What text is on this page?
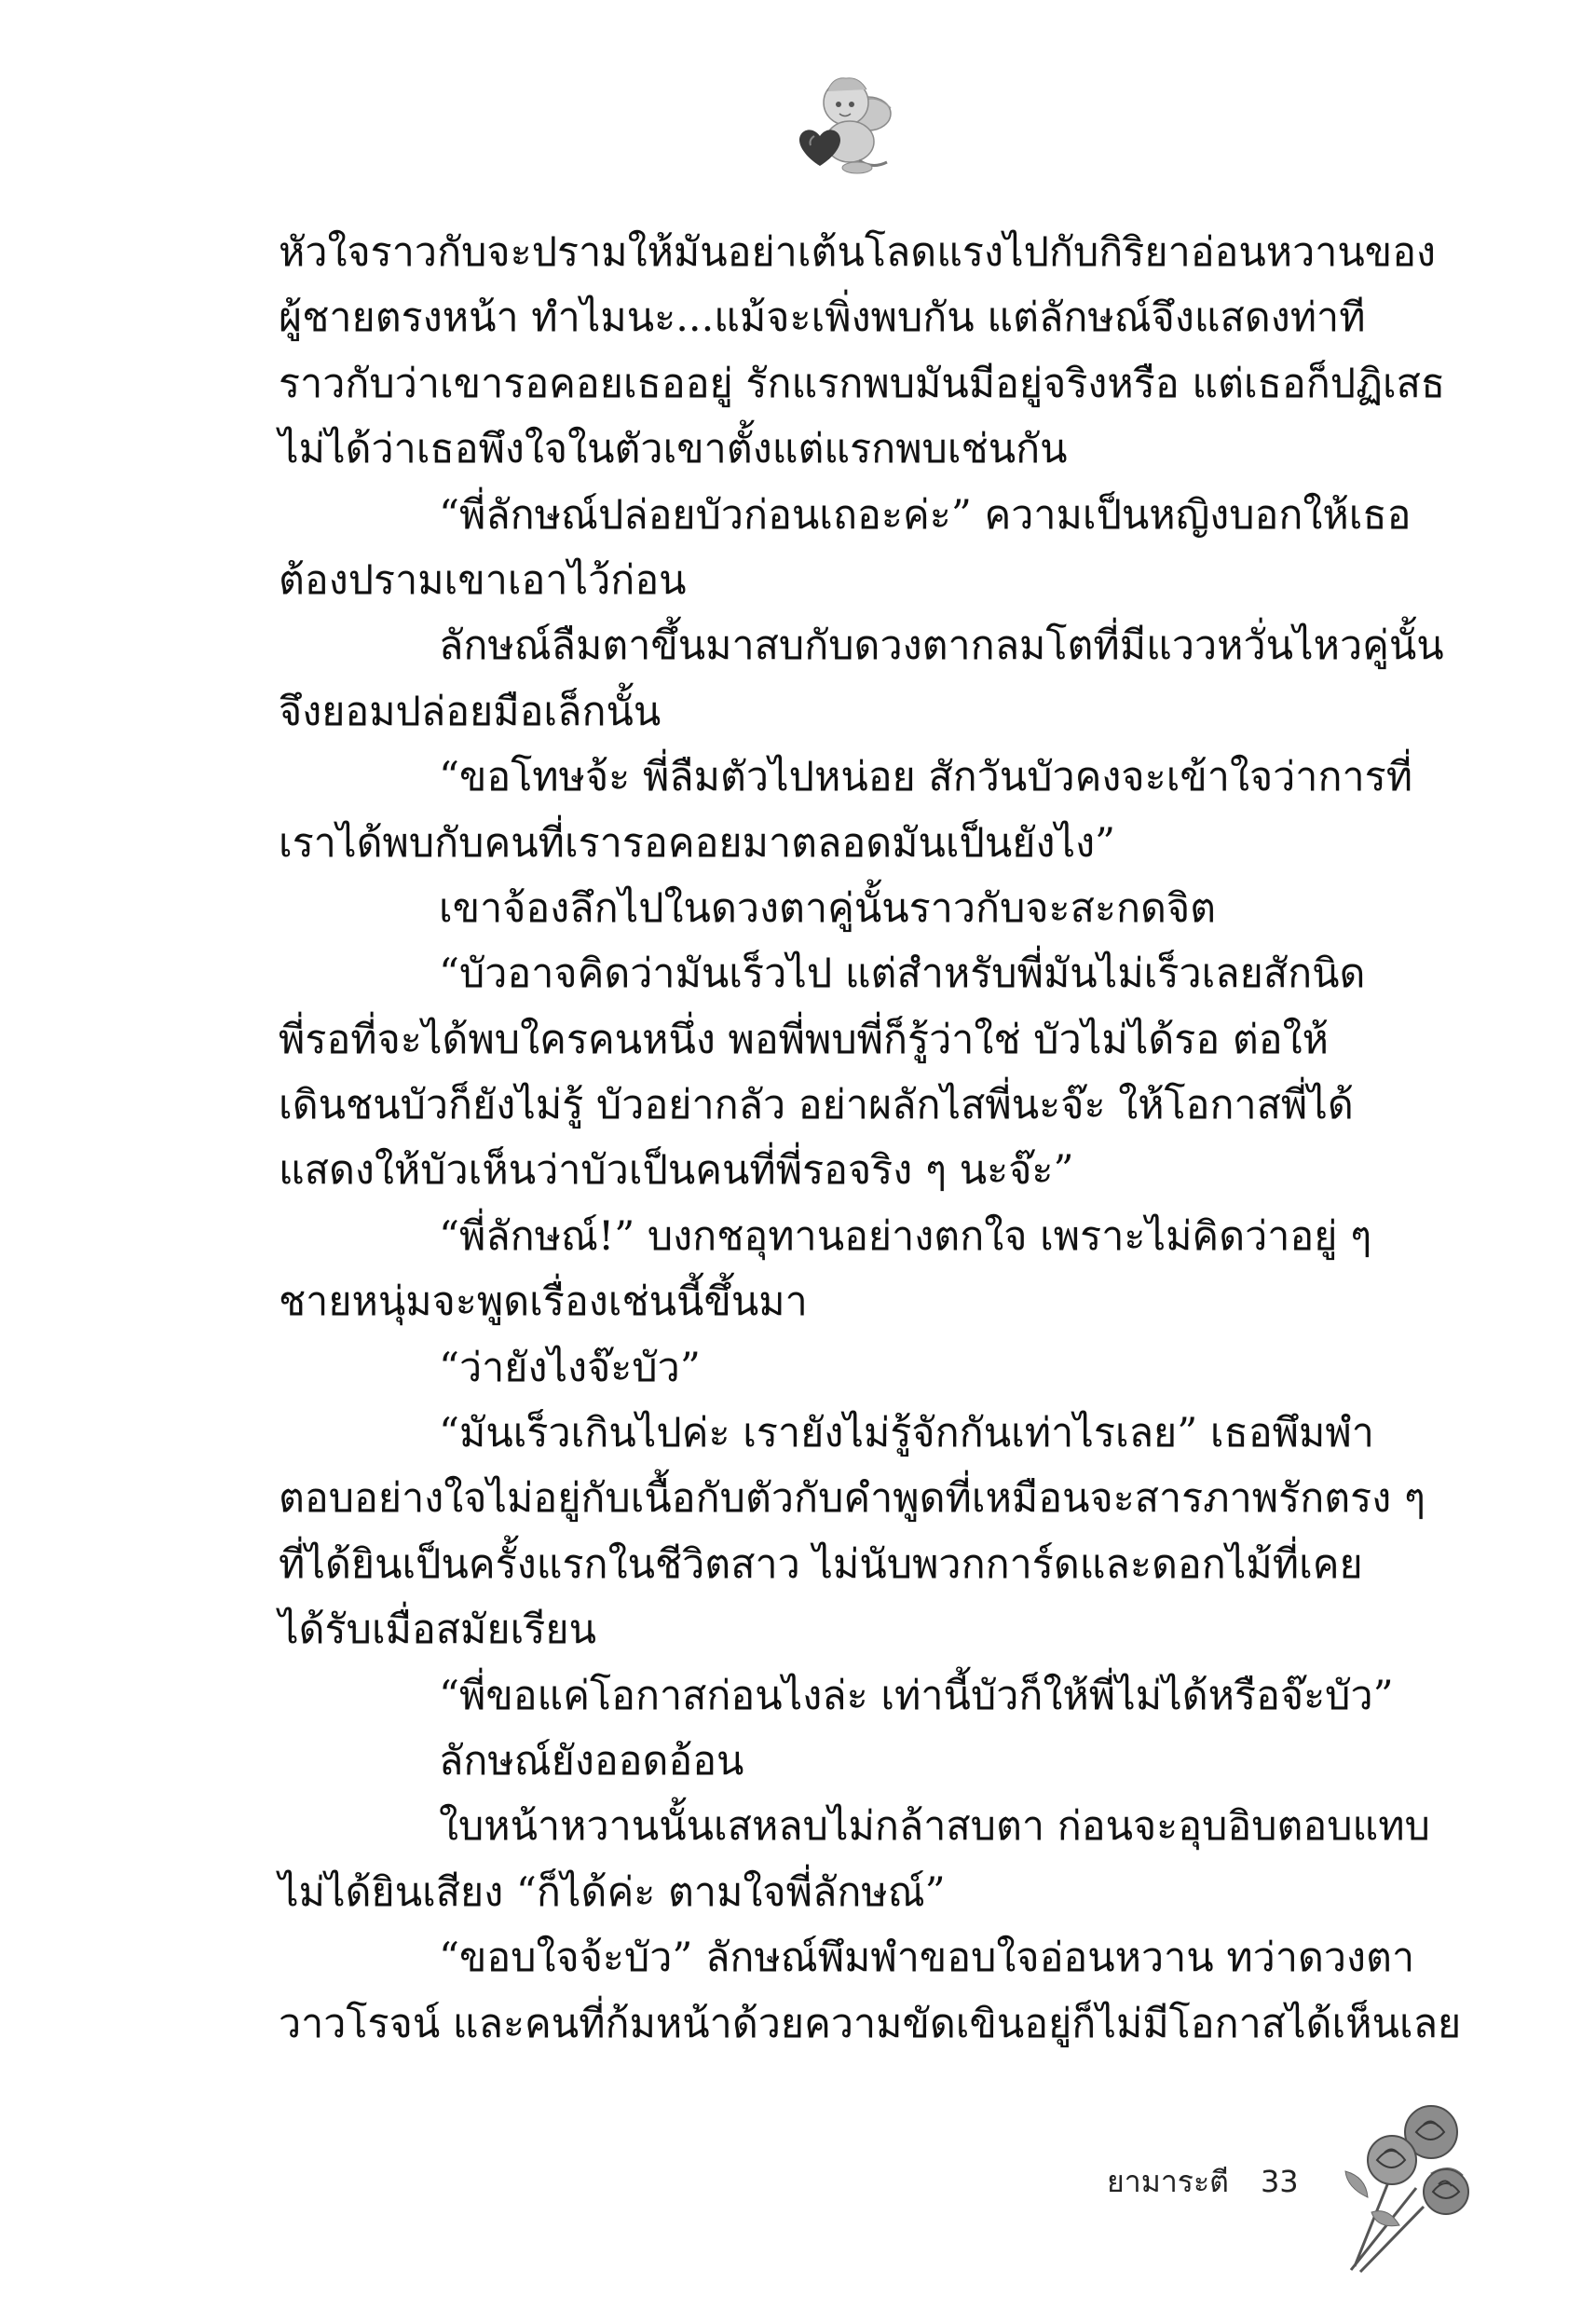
หัวใจราวกับจะปรามให้มันอย่าเต้นโลดแรงไปกับกิริยาอ่อนหวานของ
ผู้ชายตรงหน้า ทำไมนะ...แม้จะเพิ่งพบกัน แต่ลักษณ์จึงแสดงท่าที
ราวกับว่าเขารอคอยเธออยู่ รักแรกพบมันมีอยู่จริงหรือ แต่เธอก็ปฏิเสธ
ไม่ได้ว่าเธอพึงใจในตัวเขาตั้งแต่แรกพบเช่นกัน
“พี่ลักษณ์ปล่อยบัวก่อนเถอะค่ะ” ความเป็นหญิงบอกให้เธอ
ต้องปรามเขาเอาไว้ก่อน
ลักษณ์ลืมตาขึ้นมาสบกับดวงตากลมโตที่มีแววหวั่นไหวคู่นั้น
จึงยอมปล่อยมือเล็กนั้น
“ขอโทษจ้ะ พี่ลืมตัวไปหน่อย สักวันบัวคงจะเข้าใจว่าการที่
เราได้พบกับคนที่เรารอคอยมาตลอดมันเป็นยังไง”
เขาจ้องลึกไปในดวงตาคู่นั้นราวกับจะสะกดจิต
“บัวอาจคิดว่ามันเร็วไป แต่สำหรับพี่มันไม่เร็วเลยสักนิด
พี่รอที่จะได้พบใครคนหนึ่ง พอพี่พบพี่ก็รู้ว่าใช่ บัวไม่ได้รอ ต่อให้
เดินชนบัวก็ยังไม่รู้ บัวอย่ากลัว อย่าผลักไสพี่นะจ๊ะ ให้โอกาสพี่ได้
แสดงให้บัวเห็นว่าบัวเป็นคนที่พี่รอจริง ๆ นะจ๊ะ”
“พี่ลักษณ์!” บงกชอุทานอย่างตกใจ เพราะไม่คิดว่าอยู่ ๆ
ชายหนุ่มจะพูดเรื่องเช่นนี้ขึ้นมา
“ว่ายังไงจ๊ะบัว”
“มันเร็วเกินไปค่ะ เรายังไม่รู้จักกันเท่าไรเลย” เธอพึมพำ
ตอบอย่างใจไม่อยู่กับเนื้อกับตัวกับคำพูดที่เหมือนจะสารภาพรักตรง ๆ
ที่ได้ยินเป็นครั้งแรกในชีวิตสาว ไม่นับพวกการ์ดและดอกไม้ที่เคย
ได้รับเมื่อสมัยเรียน
“พี่ขอแค่โอกาสก่อนไงล่ะ เท่านี้บัวก็ให้พี่ไม่ได้หรือจ๊ะบัว”
ลักษณ์ยังออดอ้อน
ใบหน้าหวานนั้นเสหลบไม่กล้าสบตา ก่อนจะอุบอิบตอบแทบ
ไม่ได้ยินเสียง “ก็ได้ค่ะ ตามใจพี่ลักษณ์”
“ขอบใจจ้ะบัว” ลักษณ์พึมพำขอบใจอ่อนหวาน ทว่าดวงตา
วาวโรจน์ และคนที่ก้มหน้าด้วยความขัดเขินอยู่ก็ไม่มีโอกาสได้เห็นเลย
ยามาระตี 33
